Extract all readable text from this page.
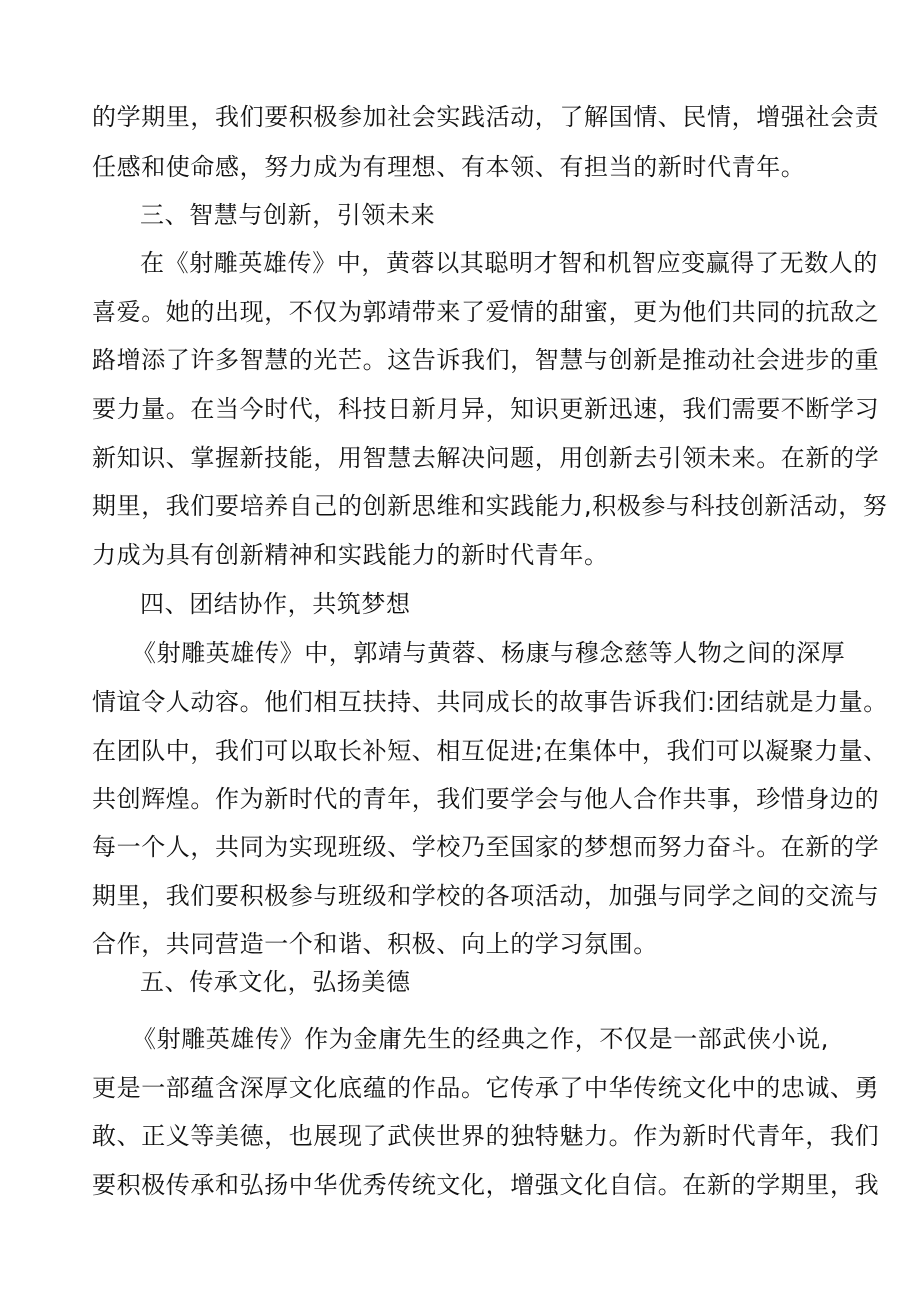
的学期里，我们要积极参加社会实践活动，了解国情、民情，增强社会责
任感和使命感，努力成为有理想、有本领、有担当的新时代青年。
三、智慧与创新，引领未来
在《射雕英雄传》中，黄蓉以其聪明才智和机智应变赢得了无数人的
喜爱。她的出现，不仅为郭靖带来了爱情的甜蜜，更为他们共同的抗敌之
路增添了许多智慧的光芒。这告诉我们，智慧与创新是推动社会进步的重
要力量。在当今时代，科技日新月异，知识更新迅速，我们需要不断学习
新知识、掌握新技能，用智慧去解决问题，用创新去引领未来。在新的学
期里，我们要培养自己的创新思维和实践能力,积极参与科技创新活动，努
力成为具有创新精神和实践能力的新时代青年。
四、团结协作，共筑梦想
《射雕英雄传》中，郭靖与黄蓉、杨康与穆念慈等人物之间的深厚
情谊令人动容。他们相互扶持、共同成长的故事告诉我们:团结就是力量。
在团队中，我们可以取长补短、相互促进;在集体中，我们可以凝聚力量、
共创辉煌。作为新时代的青年，我们要学会与他人合作共事，珍惜身边的
每一个人，共同为实现班级、学校乃至国家的梦想而努力奋斗。在新的学
期里，我们要积极参与班级和学校的各项活动，加强与同学之间的交流与
合作，共同营造一个和谐、积极、向上的学习氛围。
五、传承文化，弘扬美德
《射雕英雄传》作为金庸先生的经典之作，不仅是一部武侠小说,
更是一部蕴含深厚文化底蕴的作品。它传承了中华传统文化中的忠诚、勇
敢、正义等美德，也展现了武侠世界的独特魅力。作为新时代青年，我们
要积极传承和弘扬中华优秀传统文化，增强文化自信。在新的学期里，我
